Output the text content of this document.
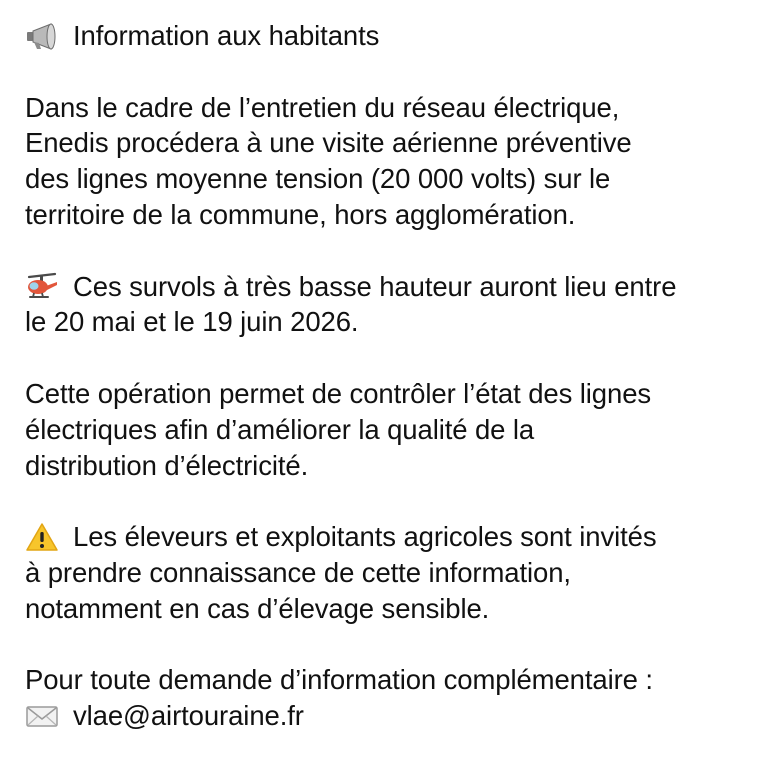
Information aux habitants
Dans le cadre de l’entretien du réseau électrique,
Enedis procédera à une visite aérienne préventive
des lignes moyenne tension (20 000 volts) sur le
territoire de la commune, hors agglomération.
Ces survols à très basse hauteur auront lieu entre
le 20 mai et le 19 juin 2026.
Cette opération permet de contrôler l’état des lignes
électriques afin d’améliorer la qualité de la
distribution d’électricité.
Les éleveurs et exploitants agricoles sont invités
à prendre connaissance de cette information,
notamment en cas d’élevage sensible.
Pour toute demande d’information complémentaire :
vlae@airtouraine.fr
